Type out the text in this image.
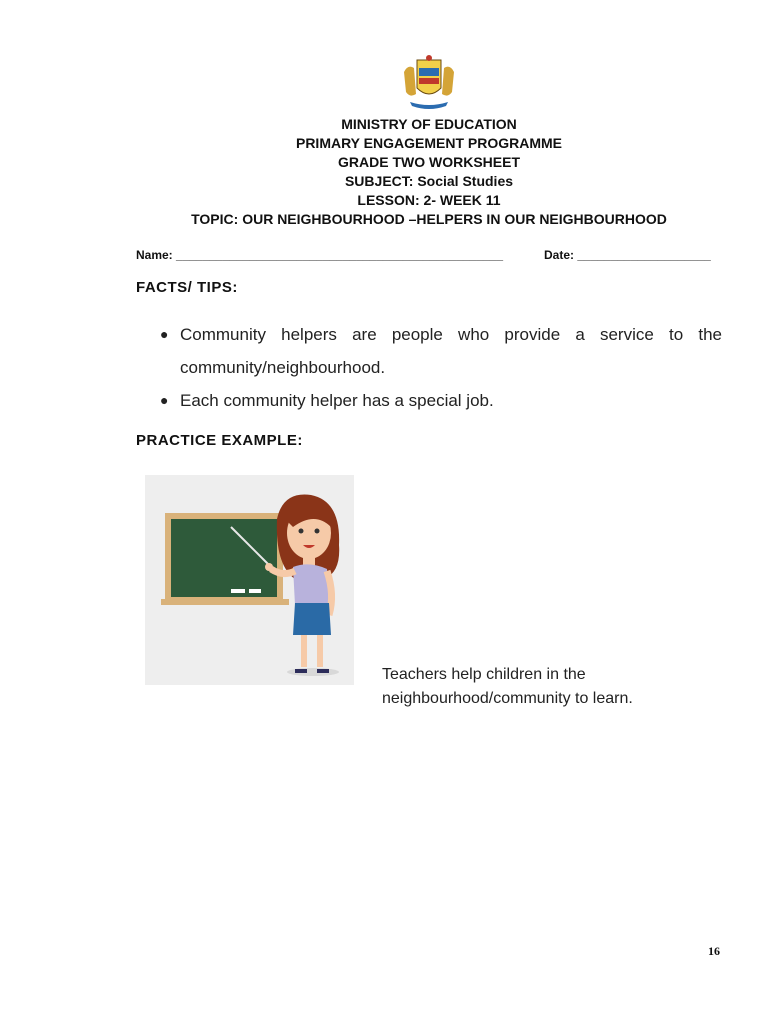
MINISTRY OF EDUCATION
PRIMARY ENGAGEMENT PROGRAMME
GRADE TWO WORKSHEET
SUBJECT: Social Studies
LESSON: 2- WEEK 11
TOPIC: OUR NEIGHBOURHOOD –HELPERS IN OUR NEIGHBOURHOOD
Name: _________________________________________________	Date: ____________________
FACTS/ TIPS:
● Community helpers are people who provide a service to the community/neighbourhood.
● Each community helper has a special job.
PRACTICE EXAMPLE:
Teachers help children in the
neighbourhood/community to learn.
16
